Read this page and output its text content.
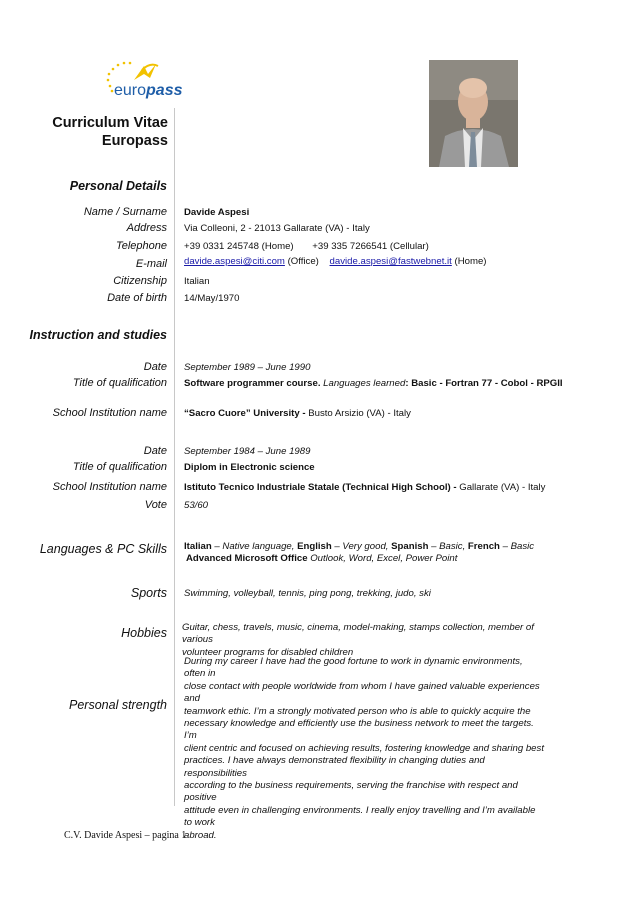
europass
Curriculum Vitae
Europass
Personal Details
Name / Surname Davide Aspesi
Address Via Colleoni, 2 - 21013 Gallarate (VA) - Italy
Telephone +39 0331 245748 (Home) +39 335 7266541 (Cellular)
E-mail davide.aspesi@citi.com (Office) davide.aspesi@fastwebnet.it (Home)
Citizenship Italian
Date of birth 14/May/1970
Instruction and studies
Date September 1989 – June 1990
Title of qualification Software programmer course. Languages learned: Basic - Fortran 77 - Cobol - RPGII
School Institution name “Sacro Cuore” University - Busto Arsizio (VA) - Italy
Date September 1984 – June 1989
Title of qualification Diplom in Electronic science
School Institution name Istituto Tecnico Industriale Statale (Technical High School) - Gallarate (VA) - Italy
Vote 53/60
Languages & PC Skills Italian – Native language, English – Very good, Spanish – Basic, French – Basic
Advanced Microsoft Office Outlook, Word, Excel, Power Point
Sports Swimming, volleyball, tennis, ping pong, trekking, judo, ski
Hobbies Guitar, chess, travels, music, cinema, model-making, stamps collection, member of various
volunteer programs for disabled children
Personal strength
During my career I have had the good fortune to work in dynamic environments, often in
close contact with people worldwide from whom I have gained valuable experiences and
teamwork ethic. I’m a strongly motivated person who is able to quickly acquire the
necessary knowledge and efficiently use the business network to meet the targets. I’m
client centric and focused on achieving results, fostering knowledge and sharing best
practices. I have always demonstrated flexibility in changing duties and responsibilities
according to the business requirements, serving the franchise with respect and positive
attitude even in challenging environments. I really enjoy travelling and I’m available to work
abroad.
C.V. Davide Aspesi – pagina 1
